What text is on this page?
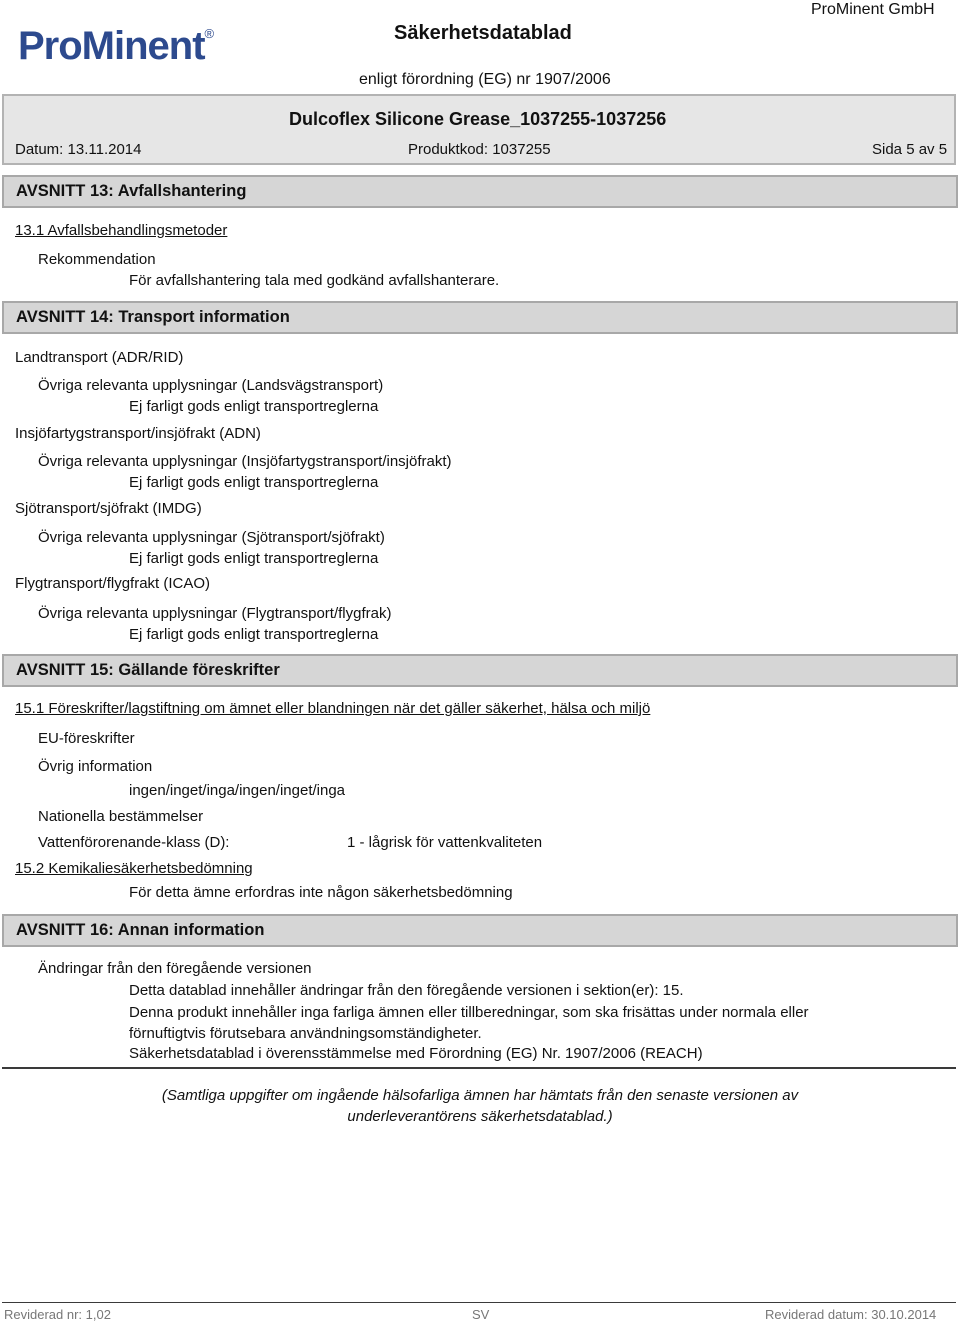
ProMinent®	Säkerhetsdatablad
ProMinent GmbH
enligt förordning (EG) nr 1907/2006
Dulcoflex Silicone Grease_1037255-1037256
Datum: 13.11.2014	Produktkod: 1037255	Sida 5 av 5
AVSNITT 13: Avfallshantering
13.1 Avfallsbehandlingsmetoder
Rekommendation
För avfallshantering tala med godkänd avfallshanterare.
AVSNITT 14: Transport information
Landtransport (ADR/RID)
Övriga relevanta upplysningar (Landsvägstransport)
Ej farligt gods enligt transportreglerna
Insjöfartygstransport/insjöfrakt (ADN)
Övriga relevanta upplysningar (Insjöfartygstransport/insjöfrakt)
Ej farligt gods enligt transportreglerna
Sjötransport/sjöfrakt (IMDG)
Övriga relevanta upplysningar (Sjötransport/sjöfrakt)
Ej farligt gods enligt transportreglerna
Flygtransport/flygfrakt (ICAO)
Övriga relevanta upplysningar (Flygtransport/flygfrak)
Ej farligt gods enligt transportreglerna
AVSNITT 15: Gällande föreskrifter
15.1 Föreskrifter/lagstiftning om ämnet eller blandningen när det gäller säkerhet, hälsa och miljö
EU-föreskrifter
Övrig information
ingen/inget/inga/ingen/inget/inga
Nationella bestämmelser
Vattenförorenande-klass (D):	1 - lågrisk för vattenkvaliteten
15.2 Kemikaliesäkerhetsbedömning
För detta ämne erfordras inte någon säkerhetsbedömning
AVSNITT 16: Annan information
Ändringar från den föregående versionen
Detta datablad innehåller ändringar från den föregående versionen i sektion(er): 15.
Denna produkt innehåller inga farliga ämnen eller tillberedningar, som ska frisättas under normala eller
förnuftigtvis förutsebara användningsomständigheter.
Säkerhetsdatablad i överensstämmelse med Förordning (EG) Nr. 1907/2006 (REACH)
(Samtliga uppgifter om ingående hälsofarliga ämnen har hämtats från den senaste versionen av
underleverantörens säkerhetsdatablad.)
Reviderad nr: 1,02	SV	Reviderad datum: 30.10.2014
